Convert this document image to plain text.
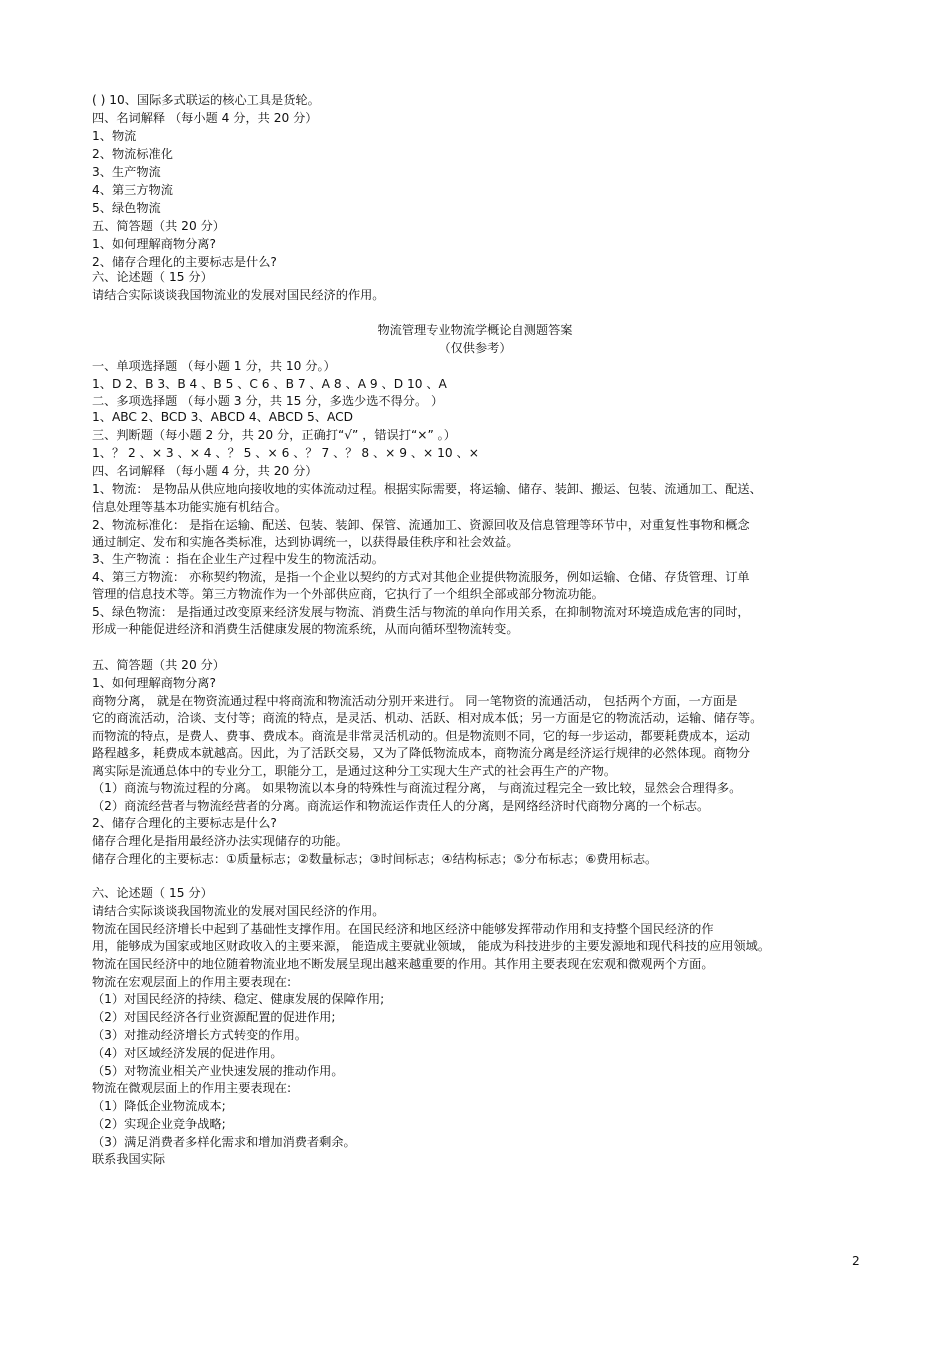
( ) 10、国际多式联运的核心工具是货轮。

四、名词解释 （每小题 4 分，共 20 分）

1、物流

2、物流标准化

3、生产物流

4、第三方物流

5、绿色物流

五、简答题（共 20 分）

1、如何理解商物分离?

2、储存合理化的主要标志是什么?

六、论述题（ 15 分）

请结合实际谈谈我国物流业的发展对国民经济的作用。

物流管理专业物流学概论自测题答案

（仅供参考）

一、单项选择题 （每小题 1 分，共 10 分。）

1、D 2、B 3、B 4 、B 5 、C 6 、B 7 、A 8 、A 9 、D 10 、A

二、多项选择题 （每小题 3 分，共 15 分，多选少选不得分。 ）

1、ABC 2、BCD 3、ABCD 4、ABCD 5、ACD

三、判断题（每小题 2 分，共 20 分，正确打“√” ，错误打“×” 。）

1、？ 2 、× 3 、× 4 、？ 5 、× 6 、？ 7 、？ 8 、× 9 、× 10 、×

四、名词解释 （每小题 4 分，共 20 分）

1、物流： 是物品从供应地向接收地的实体流动过程。根据实际需要，将运输、储存、装卸、搬运、包装、流通加工、配送、

信息处理等基本功能实施有机结合。

2、物流标准化： 是指在运输、配送、包装、装卸、保管、流通加工、资源回收及信息管理等环节中，对重复性事物和概念

通过制定、发布和实施各类标准，达到协调统一，以获得最佳秩序和社会效益。

3、生产物流 ：指在企业生产过程中发生的物流活动。

4、第三方物流： 亦称契约物流，是指一个企业以契约的方式对其他企业提供物流服务，例如运输、仓储、存货管理、订单

管理的信息技术等。第三方物流作为一个外部供应商，它执行了一个组织全部或部分物流功能。

5、绿色物流： 是指通过改变原来经济发展与物流、消费生活与物流的单向作用关系，在抑制物流对环境造成危害的同时，

形成一种能促进经济和消费生活健康发展的物流系统，从而向循环型物流转变。

五、简答题（共 20 分）

1、如何理解商物分离?

商物分离， 就是在物资流通过程中将商流和物流活动分别开来进行。 同一笔物资的流通活动， 包括两个方面，一方面是

它的商流活动，洽谈、支付等；商流的特点，是灵活、机动、活跃、相对成本低；另一方面是它的物流活动，运输、储存等。

而物流的特点，是费人、费事、费成本。商流是非常灵活机动的。但是物流则不同，它的每一步运动，都要耗费成本，运动

路程越多，耗费成本就越高。因此，为了活跃交易，又为了降低物流成本，商物流分离是经济运行规律的必然体现。商物分

离实际是流通总体中的专业分工，职能分工，是通过这种分工实现大生产式的社会再生产的产物。

（1）商流与物流过程的分离。 如果物流以本身的特殊性与商流过程分离， 与商流过程完全一致比较，显然会合理得多。

（2）商流经营者与物流经营者的分离。商流运作和物流运作责任人的分离，是网络经济时代商物分离的一个标志。

2、储存合理化的主要标志是什么?

储存合理化是指用最经济办法实现储存的功能。

储存合理化的主要标志：①质量标志；②数量标志；③时间标志；④结构标志；⑤分布标志；⑥费用标志。

六、论述题（ 15 分）

请结合实际谈谈我国物流业的发展对国民经济的作用。

物流在国民经济增长中起到了基础性支撑作用。在国民经济和地区经济中能够发挥带动作用和支持整个国民经济的作

用，能够成为国家或地区财政收入的主要来源， 能造成主要就业领域， 能成为科技进步的主要发源地和现代科技的应用领域。

物流在国民经济中的地位随着物流业地不断发展呈现出越来越重要的作用。其作用主要表现在宏观和微观两个方面。

物流在宏观层面上的作用主要表现在:

（1）对国民经济的持续、稳定、健康发展的保障作用;

（2）对国民经济各行业资源配置的促进作用;

（3）对推动经济增长方式转变的作用。

（4）对区域经济发展的促进作用。

（5）对物流业相关产业快速发展的推动作用。

物流在微观层面上的作用主要表现在:

（1）降低企业物流成本;

（2）实现企业竞争战略;

（3）满足消费者多样化需求和增加消费者剩余。

联系我国实际

2
